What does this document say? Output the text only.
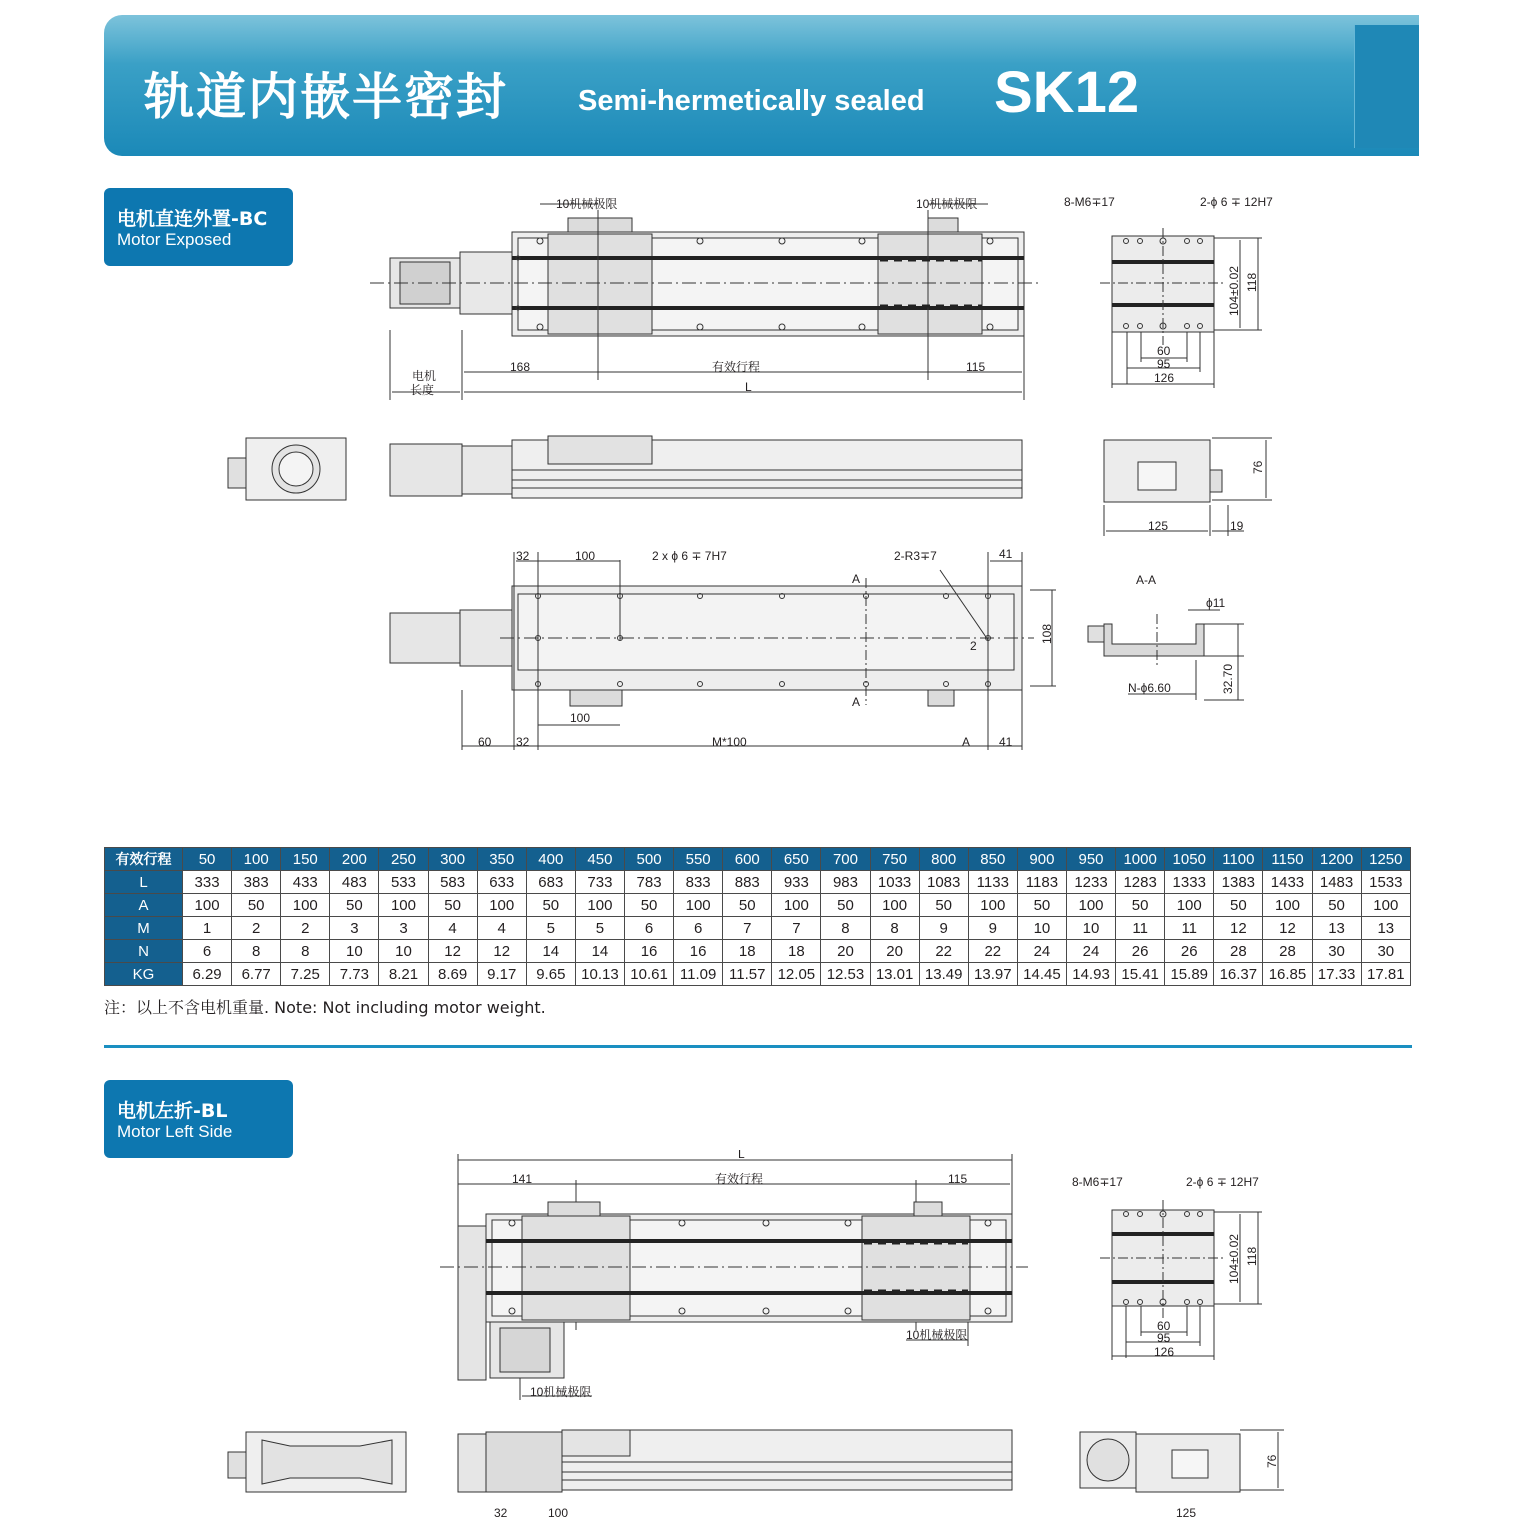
轨道内嵌半密封 Semi-hermetically sealed SK12
电机直连外置-BC
Motor Exposed
10机械极限	10机械极限
168	有效行程	115
L
电机
长度
32	100	2 x ϕ 6 ∓ 7H7	2-R3∓7	41
A
A
2
108
100
60 32	M*100	A 41
8-M6∓17	2-ϕ 6 ∓ 12H7
104±0.02 118
60
95
126
76
125	19
A-A
ϕ11
N-ϕ6.60	32.70
有效行程	50	100	150	200	250	300	350	400	450	500	550	600	650	700	750	800	850	900	950	1000	1050	1100	1150	1200	1250
L	333	383	433	483	533	583	633	683	733	783	833	883	933	983	1033	1083	1133	1183	1233	1283	1333	1383	1433	1483	1533
A	100	50	100	50	100	50	100	50	100	50	100	50	100	50	100	50	100	50	100	50	100	50	100	50	100
M	1	2	2	3	3	4	4	5	5	6	6	7	7	8	8	9	9	10	10	11	11	12	12	13	13
N	6	8	8	10	10	12	12	14	14	16	16	18	18	20	20	22	22	24	24	26	26	28	28	30	30
KG	6.29	6.77	7.25	7.73	8.21	8.69	9.17	9.65	10.13	10.61	11.09	11.57	12.05	12.53	13.01	13.49	13.97	14.45	14.93	15.41	15.89	16.37	16.85	17.33	17.81
注：以上不含电机重量. Note: Not including motor weight.
电机左折-BL
Motor Left Side
L
141	有效行程	115
10机械极限
10机械极限
8-M6∓17	2-ϕ 6 ∓ 12H7
104±0.02 118
60
95
126
76
125
32	100
